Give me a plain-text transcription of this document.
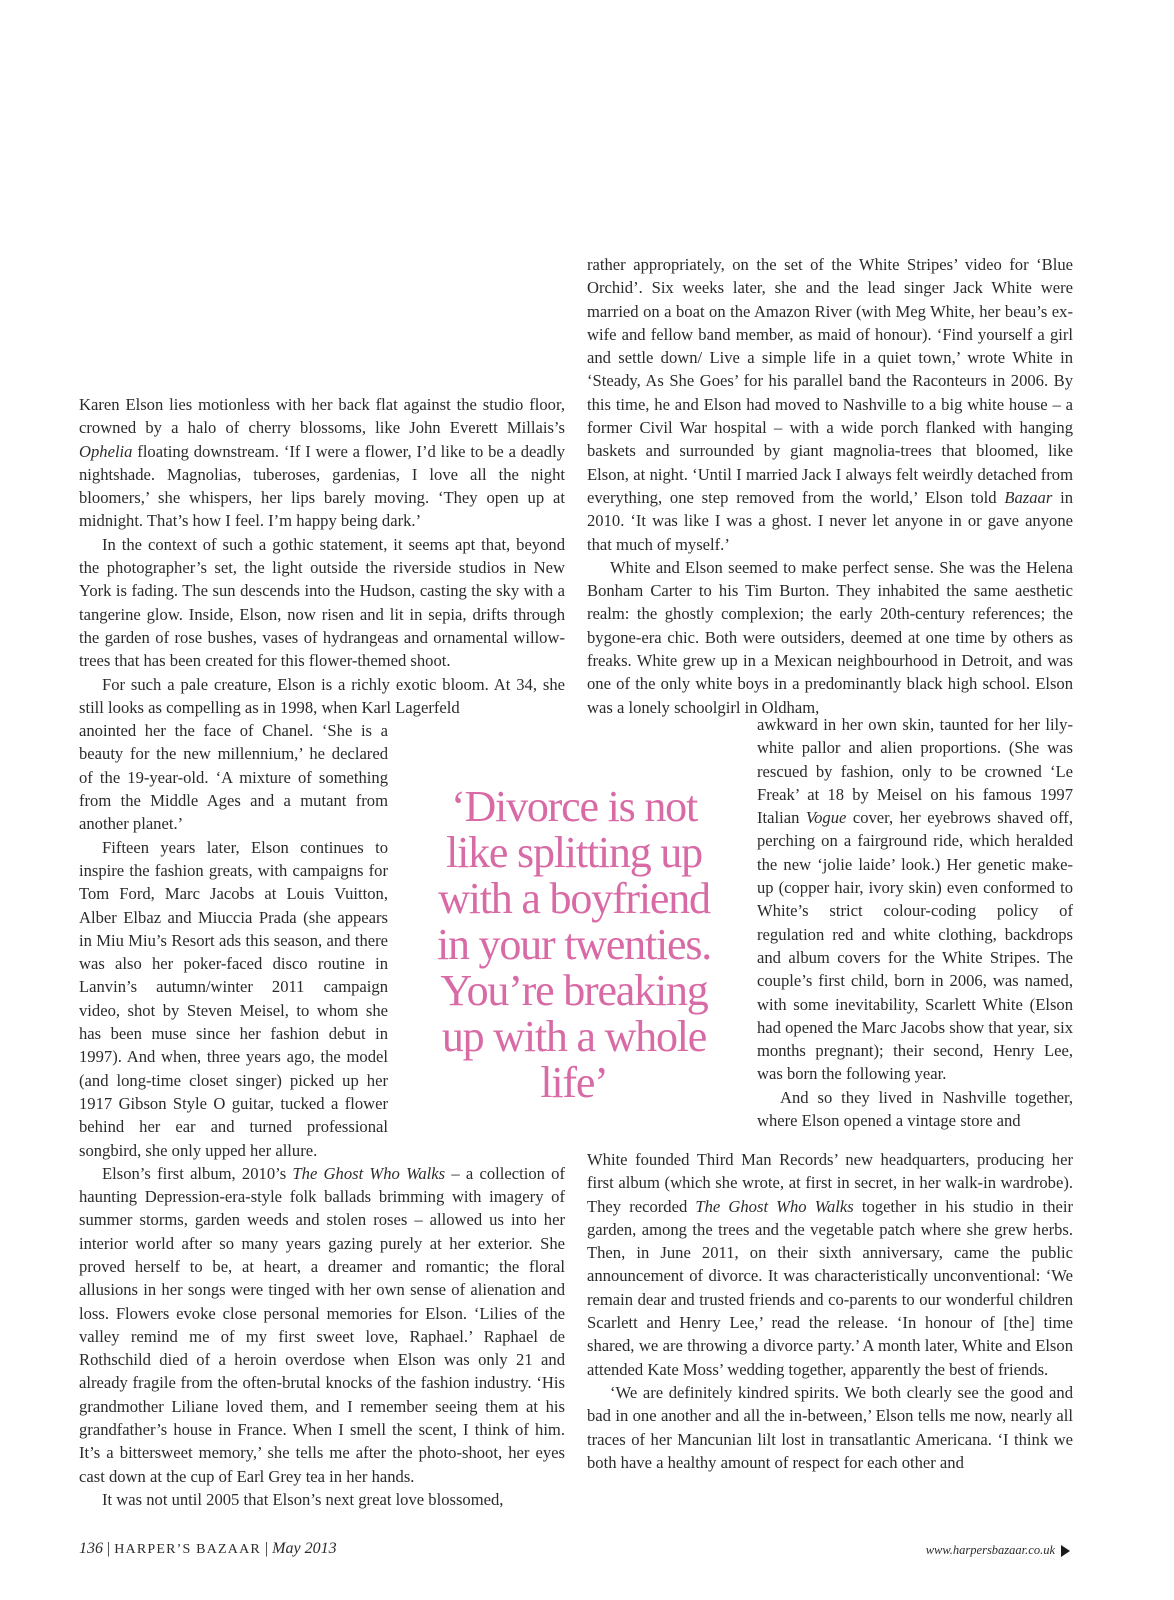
Karen Elson lies motionless with her back flat against the studio floor, crowned by a halo of cherry blossoms, like John Everett Millais’s Ophelia floating downstream. ‘If I were a flower, I’d like to be a deadly nightshade. Magnolias, tuberoses, gardenias, I love all the night bloomers,’ she whispers, her lips barely moving. ‘They open up at midnight. That’s how I feel. I’m happy being dark.’

In the context of such a gothic statement, it seems apt that, beyond the photographer’s set, the light outside the riverside studios in New York is fading. The sun descends into the Hudson, casting the sky with a tangerine glow. Inside, Elson, now risen and lit in sepia, drifts through the garden of rose bushes, vases of hydrangeas and ornamental willow-trees that has been created for this flower-themed shoot.

For such a pale creature, Elson is a richly exotic bloom. At 34, she still looks as compelling as in 1998, when Karl Lagerfeld

anointed her the face of Chanel. ‘She is a beauty for the new millennium,’ he declared of the 19-year-old. ‘A mixture of something from the Middle Ages and a mutant from another planet.’

Fifteen years later, Elson continues to inspire the fashion greats, with campaigns for Tom Ford, Marc Jacobs at Louis Vuitton, Alber Elbaz and Miuccia Prada (she appears in Miu Miu’s Resort ads this season, and there was also her poker-faced disco routine in Lanvin’s autumn/winter 2011 campaign video, shot by Steven Meisel, to whom she has been muse since her fashion debut in 1997). And when, three years ago, the model (and long-time closet singer) picked up her 1917 Gibson Style O guitar, tucked a flower behind her ear and turned professional songbird, she only upped her allure.

Elson’s first album, 2010’s The Ghost Who Walks – a collection of haunting Depression-era-style folk ballads brimming with imagery of summer storms, garden weeds and stolen roses – allowed us into her interior world after so many years gazing purely at her exterior. She proved herself to be, at heart, a dreamer and romantic; the floral allusions in her songs were tinged with her own sense of alienation and loss. Flowers evoke close personal memories for Elson. ‘Lilies of the valley remind me of my first sweet love, Raphael.’ Raphael de Rothschild died of a heroin overdose when Elson was only 21 and already fragile from the often-brutal knocks of the fashion industry. ‘His grandmother Liliane loved them, and I remember seeing them at his grandfather’s house in France. When I smell the scent, I think of him. It’s a bittersweet memory,’ she tells me after the photo-shoot, her eyes cast down at the cup of Earl Grey tea in her hands.

It was not until 2005 that Elson’s next great love blossomed,

rather appropriately, on the set of the White Stripes’ video for ‘Blue Orchid’. Six weeks later, she and the lead singer Jack White were married on a boat on the Amazon River (with Meg White, her beau’s ex-wife and fellow band member, as maid of honour). ‘Find yourself a girl and settle down/ Live a simple life in a quiet town,’ wrote White in ‘Steady, As She Goes’ for his parallel band the Raconteurs in 2006. By this time, he and Elson had moved to Nashville to a big white house – a former Civil War hospital – with a wide porch flanked with hanging baskets and surrounded by giant magnolia-trees that bloomed, like Elson, at night. ‘Until I married Jack I always felt weirdly detached from everything, one step removed from the world,’ Elson told Bazaar in 2010. ‘It was like I was a ghost. I never let anyone in or gave anyone that much of myself.’

White and Elson seemed to make perfect sense. She was the Helena Bonham Carter to his Tim Burton. They inhabited the same aesthetic realm: the ghostly complexion; the early 20th-century references; the bygone-era chic. Both were outsiders, deemed at one time by others as freaks. White grew up in a Mexican neighbourhood in Detroit, and was one of the only white boys in a predominantly black high school. Elson was a lonely schoolgirl in Oldham,

awkward in her own skin, taunted for her lily-white pallor and alien proportions. (She was rescued by fashion, only to be crowned ‘Le Freak’ at 18 by Meisel on his famous 1997 Italian Vogue cover, her eyebrows shaved off, perching on a fairground ride, which heralded the new ‘jolie laide’ look.) Her genetic make-up (copper hair, ivory skin) even conformed to White’s strict colour-coding policy of regulation red and white clothing, backdrops and album covers for the White Stripes. The couple’s first child, born in 2006, was named, with some inevitability, Scarlett White (Elson had opened the Marc Jacobs show that year, six months pregnant); their second, Henry Lee, was born the following year.

And so they lived in Nashville together, where Elson opened a vintage store and

White founded Third Man Records’ new headquarters, producing her first album (which she wrote, at first in secret, in her walk-in wardrobe). They recorded The Ghost Who Walks together in his studio in their garden, among the trees and the vegetable patch where she grew herbs. Then, in June 2011, on their sixth anniversary, came the public announcement of divorce. It was characteristically unconventional: ‘We remain dear and trusted friends and co-parents to our wonderful children Scarlett and Henry Lee,’ read the release. ‘In honour of [the] time shared, we are throwing a divorce party.’ A month later, White and Elson attended Kate Moss’ wedding together, apparently the best of friends.

‘We are definitely kindred spirits. We both clearly see the good and bad in one another and all the in-between,’ Elson tells me now, nearly all traces of her Mancunian lilt lost in transatlantic Americana. ‘I think we both have a healthy amount of respect for each other and

‘Divorce is not like splitting up with a boyfriend in your twenties. You’re breaking up with a whole life’
136 | HARPER’S BAZAAR | May 2013	www.harpersbazaar.co.uk
